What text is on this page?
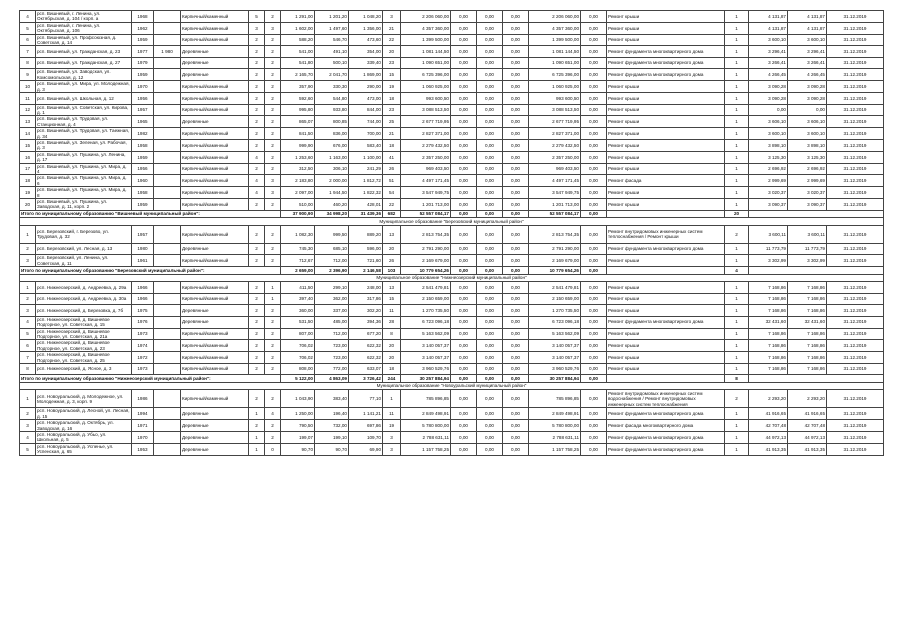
4	рсп. Вишневый, г. Ленина, ул. Октябрьская, д. 104 / корп. а	1968		Кирпичный/каменный	5	2	1 291,00	1 201,20	1 048,20	3	2 206 060,00	0,00	0,00	0,00	2 206 060,00	0,00	Ремонт крыши	1	4 131,87	4 131,87	31.12.2019
5	рсп. Вишневый, г. Ленина, ул. Октябрьская, д. 106	1962		Кирпичный/каменный	3	3	1 602,00	1 497,60	1 356,00	21	4 357 360,00	0,00	0,00	0,00	4 357 360,00	0,00	Ремонт крыши	1	4 131,87	4 131,87	31.12.2019
6	рсп. Вишневый, ул. Профсоюзная, д. Советская, д. 14	1959		Кирпичный/каменный	2	2	588,20	546,70	473,60	22	1 399 500,00	0,00	0,00	0,00	1 399 500,00	0,00	Ремонт крыши	1	3 600,10	3 600,10	31.12.2019
7	рсп. Вишневый, ул. Гражданская, д. 23	1977	1 980	Деревянные	2	2	541,00	491,10	354,00	20	1 081 144,50	0,00	0,00	0,00	1 081 144,50	0,00	Ремонт фундамента многоквартирного дома	1	3 296,41	3 296,41	31.12.2019
8	рсп. Вишневый, ул. Гражданская, д. 27	1979		Деревянные	2	2	541,80	500,10	339,40	23	1 090 651,00	0,00	0,00	0,00	1 090 651,00	0,00	Ремонт фундамента многоквартирного дома	1	3 266,41	3 266,41	31.12.2019
9	рсп. Вишневый, ул. Заводская, ул. Комсомольская, д. 12	1959		Деревянные	2	2	2 165,70	2 041,70	1 869,00	15	6 725 396,00	0,00	0,00	0,00	6 725 396,00	0,00	Ремонт фундамента многоквартирного дома	1	4 266,45	4 266,45	31.12.2019
10	рсп. Вишневый, ул. Мира, ул. Молодежная, д. 3	1970		Кирпичный/каменный	2	2	357,90	330,30	290,00	19	1 060 925,00	0,00	0,00	0,00	1 060 925,00	0,00	Ремонт крыши	1	3 090,28	3 090,28	31.12.2019
11	рсп. Вишневый, ул. Школьная, д. 12	1956		Кирпичный/каменный	2	2	592,60	544,80	473,00	18	993 600,50	0,00	0,00	0,00	993 600,50	0,00	Ремонт крыши	1	3 090,28	3 090,28	31.12.2019
12	рсп. Вишневый, ул. Советская, ул. Кирова, д. 1	1957		Кирпичный/каменный	2	2	995,80	933,80	844,00	23	3 088 513,50	0,00	0,00	0,00	3 088 513,50	0,00	Ремонт крыши	1	0,00	0,00	31.12.2019
13	рсп. Вишневый, ул. Трудовая, ул. Станционная, д. 4	1965		Деревянные	2	2	865,07	800,85	744,00	25	2 677 719,95	0,00	0,00	0,00	2 677 719,95	0,00	Ремонт крыши	1	3 606,10	3 606,10	31.12.2019
14	рсп. Вишневый, ул. Трудовая, ул. Таежная, д. 34	1982		Кирпичный/каменный	2	2	841,50	836,00	700,00	21	2 827 371,00	0,00	0,00	0,00	2 827 371,00	0,00	Ремонт крыши	1	3 600,10	3 600,10	31.12.2019
15	рсп. Вишневый, ул. Зеленая, ул. Рабочая, д. 3	1958		Кирпичный/каменный	2	2	999,90	676,00	583,40	18	2 279 432,50	0,00	0,00	0,00	2 279 432,50	0,00	Ремонт крыши	1	3 898,10	3 898,10	31.12.2019
16	рсп. Вишневый, ул. Пушкина, ул. Ленина, д. 17	1959		Кирпичный/каменный	4	2	1 253,60	1 163,00	1 100,00	41	2 357 250,00	0,00	0,00	0,00	2 357 250,00	0,00	Ремонт крыши	1	3 125,30	3 125,30	31.12.2019
17	рсп. Вишневый, ул. Пушкина, ул. Мира, д. 4	1956		Кирпичный/каменный	2	2	312,50	306,10	241,29	26	969 403,50	0,00	0,00	0,00	969 403,50	0,00	Ремонт крыши	1	2 696,92	2 696,92	31.12.2019
18	рсп. Вишневый, ул. Пушкина, ул. Мира, д. 6	1960		Кирпичный/каменный	4	3	2 183,80	2 000,00	1 812,72	51	4 497 171,45	0,00	0,00	0,00	4 497 171,45	0,00	Ремонт фасада	1	2 999,69	2 999,69	31.12.2019
19	рсп. Вишневый, ул. Пушкина, ул. Мира, д. 8	1958		Кирпичный/каменный	4	3	2 097,00	1 944,50	1 822,32	54	3 547 949,75	0,00	0,00	0,00	3 547 949,75	0,00	Ремонт крыши	1	3 020,37	3 020,37	31.12.2019
20	рсп. Вишневый, ул. Пушкина, ул. Заводская, д. 11, корп. 2	1959		Кирпичный/каменный	2	2	510,00	460,20	428,01	22	1 201 713,00	0,00	0,00	0,00	1 201 713,00	0,00	Ремонт крыши	1	3 090,37	3 090,37	31.12.2019
Итого по муниципальному образованию "Вишневый муниципальный район":							37 900,90	34 998,20	31 439,36	682	52 557 084,17	0,00	0,00	0,00	52 557 084,17	0,00		20			
Муниципальное образование "Березовский муниципальный район"																					
1	рсп. Березовский, г. Березово, ул. Трудовая, д. 32	1957		Кирпичный/каменный	2	2	1 082,30	999,50	889,20	13	2 813 754,35	0,00	0,00	0,00	2 813 754,35	0,00	Ремонт внутридомовых инженерных систем теплоснабжения / Ремонт крыши	2	3 600,11	3 600,11	31.12.2019
2	рсп. Березовский, ул. Лесная, д. 13	1980		Деревянные	2	2	745,30	685,10	596,00	20	2 791 290,00	0,00	0,00	0,00	2 791 290,00	0,00	Ремонт фундамента многоквартирного дома	1	11 773,79	11 773,79	31.12.2019
3	рсп. Березовский, ул. Ленина, ул. Советская, д. 11	1961		Кирпичный/каменный	2	2	712,67	712,00	721,60	26	2 169 679,00	0,00	0,00	0,00	2 169 679,00	0,00	Ремонт крыши	1	3 302,99	3 302,99	31.12.2019
Итого по муниципальному образованию "Березовский муниципальный район":							2 659,00	2 396,90	2 146,58	103	10 779 654,26	0,00	0,00	0,00	10 779 654,26	0,00		4			
Муниципальное образование "Нижнеозерский муниципальный район"																					
1	рсп. Нижнеозерский, д. Андреевка, д. 29а	1966		Кирпичный/каменный	2	1	411,50	299,10	248,00	13	2 541 479,81	0,00	0,00	0,00	2 541 479,81	0,00	Ремонт крыши	1	7 168,86	7 168,86	31.12.2019
2	рсп. Нижнеозерский, д. Андреевка, д. 30а	1966		Кирпичный/каменный	2	1	397,40	362,00	317,86	15	2 150 659,00	0,00	0,00	0,00	2 150 659,00	0,00	Ремонт крыши	1	7 168,86	7 168,86	31.12.2019
3	рсп. Нижнеозерский, д. Березовка, д. 7б	1975		Деревянные	2	2	360,00	337,00	302,20	11	1 270 735,50	0,00	0,00	0,00	1 270 735,50	0,00	Ремонт крыши	1	7 168,86	7 168,86	31.12.2019
4	рсп. Нижнеозерский, д. Вишневое Подгорное, ул. Советская, д. 15	1976		Деревянные	2	2	531,50	485,00	394,36	28	6 723 096,18	0,00	0,00	0,00	6 723 096,18	0,00	Ремонт фундамента многоквартирного дома	1	32 431,60	32 431,60	31.12.2019
5	рсп. Нижнеозерский, д. Вишневое Подгорное, ул. Советская, д. 21а	1973		Кирпичный/каменный	2	2	807,00	712,00	677,20	8	5 163 562,09	0,00	0,00	0,00	5 163 562,09	0,00	Ремонт крыши	1	7 168,86	7 168,86	31.12.2019
6	рсп. Нижнеозерский, д. Вишневое Подгорное, ул. Советская, д. 23	1974		Кирпичный/каменный	2	2	706,02	723,00	622,32	20	3 140 057,37	0,00	0,00	0,00	3 140 057,37	0,00	Ремонт крыши	1	7 168,86	7 168,86	31.12.2019
7	рсп. Нижнеозерский, д. Вишневое Подгорное, ул. Советская, д. 25	1972		Кирпичный/каменный	2	2	706,02	723,00	622,32	20	3 140 057,37	0,00	0,00	0,00	3 140 057,37	0,00	Ремонт крыши	1	7 168,86	7 168,86	31.12.2019
8	рсп. Нижнеозерский, д. Ясное, д. 3	1973		Кирпичный/каменный	2	2	808,00	772,00	633,07	18	3 960 529,76	0,00	0,00	0,00	3 960 529,76	0,00	Ремонт крыши	1	7 168,86	7 168,86	31.12.2019
Итого по муниципальному образованию "Нижнеозерский муниципальный район":							5 122,00	4 863,09	3 726,42	244	30 257 884,94	0,00	0,00	0,00	30 257 884,94	0,00		8			
Муниципальное образование "Новоуральский муниципальный район"																					
1	рсп. Новоуральский, д. Молодежное, ул. Молодежная, д. 3, корп. 9	1986		Кирпичный/каменный	2	2	1 043,90	383,40	77,10	1	785 896,85	0,00	0,00	0,00	785 896,85	0,00	Ремонт внутридомовых инженерных систем водоснабжения / Ремонт внутридомовых инженерных систем теплоснабжения	2	2 293,20	2 293,20	31.12.2019
2	рсп. Новоуральский, д. Лесной, ул. Лесная, д. 15	1994		Деревянные	1	4	1 250,00	196,40	1 141,21	11	2 849 498,91	0,00	0,00	0,00	2 849 498,91	0,00	Ремонт фундамента многоквартирного дома	1	41 916,65	41 916,65	31.12.2019
3	рсп. Новоуральский, д. Октябрь, ул. Заводская, д. 16	1971		Деревянные	2	2	790,50	732,00	697,86	19	5 780 800,00	0,00	0,00	0,00	5 780 800,00	0,00	Ремонт фасада многоквартирного дома	1	42 707,48	42 707,48	31.12.2019
4	рсп. Новоуральский, д. Убьо, ул. Школьная, д. 5	1970		Деревянные	1	2	199,07	199,10	109,70	3	2 788 631,11	0,00	0,00	0,00	2 788 631,11	0,00	Ремонт фундамента многоквартирного дома	1	44 972,13	44 972,13	31.12.2019
5	рсп. Новоуральский, д. Успенье, ул. Успенская, д. 65	1953		Деревянные	1	0	90,70	90,70	69,90	3	1 157 758,25	0,00	0,00	0,00	1 157 758,25	0,00	Ремонт фундамента многоквартирного дома	1	41 913,35	41 913,35	31.12.2019
